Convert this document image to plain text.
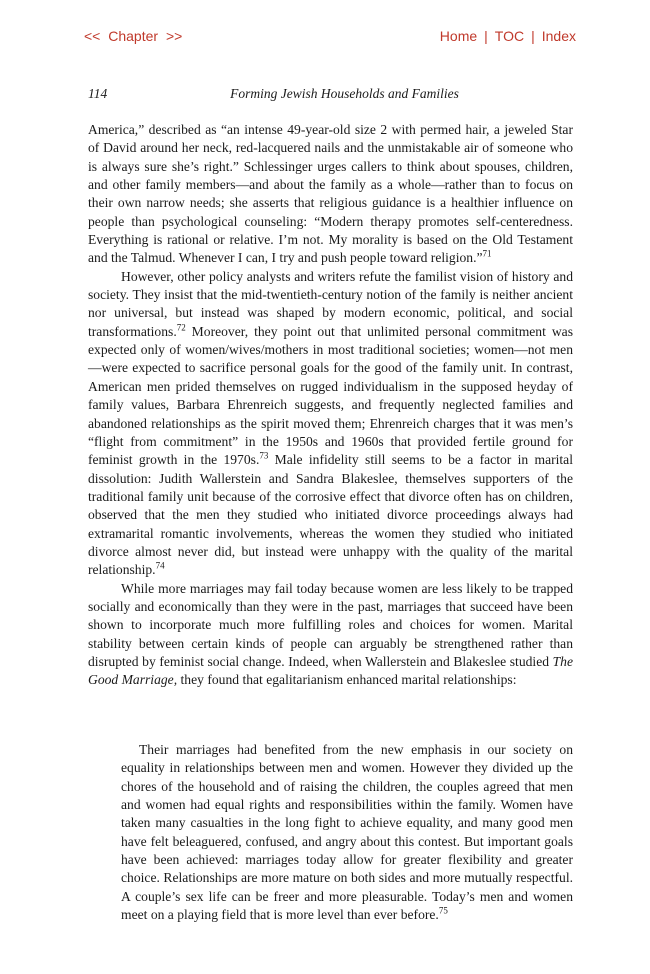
<< Chapter >>	Home | TOC | Index
114	Forming Jewish Households and Families

America,” described as “an intense 49-year-old size 2 with permed hair, a jeweled Star of David around her neck, red-lacquered nails and the unmistakable air of someone who is always sure she’s right.” Schlessinger urges callers to think about spouses, children, and other family members—and about the family as a whole—rather than to focus on their own narrow needs; she asserts that religious guidance is a healthier influence on people than psychological counseling: “Modern therapy promotes self-centeredness. Everything is rational or relative. I’m not. My morality is based on the Old Testament and the Talmud. Whenever I can, I try and push people toward religion.”$^{71}$

However, other policy analysts and writers refute the familist vision of history and society. They insist that the mid-twentieth-century notion of the family is neither ancient nor universal, but instead was shaped by modern economic, political, and social transformations.$^{72}$ Moreover, they point out that unlimited personal commitment was expected only of women/wives/mothers in most traditional societies; women—not men—were expected to sacrifice personal goals for the good of the family unit. In contrast, American men prided themselves on rugged individualism in the supposed heyday of family values, Barbara Ehrenreich suggests, and frequently neglected families and abandoned relationships as the spirit moved them; Ehrenreich charges that it was men’s “flight from commitment” in the 1950s and 1960s that provided fertile ground for feminist growth in the 1970s.$^{73}$ Male infidelity still seems to be a factor in marital dissolution: Judith Wallerstein and Sandra Blakeslee, themselves supporters of the traditional family unit because of the corrosive effect that divorce often has on children, observed that the men they studied who initiated divorce proceedings always had extramarital romantic involvements, whereas the women they studied who initiated divorce almost never did, but instead were unhappy with the quality of the marital relationship.$^{74}$

While more marriages may fail today because women are less likely to be trapped socially and economically than they were in the past, marriages that succeed have been shown to incorporate much more fulfilling roles and choices for women. Marital stability between certain kinds of people can arguably be strengthened rather than disrupted by feminist social change. Indeed, when Wallerstein and Blakeslee studied The Good Marriage, they found that egalitarianism enhanced marital relationships:

Their marriages had benefited from the new emphasis in our society on equality in relationships between men and women. However they divided up the chores of the household and of raising the children, the couples agreed that men and women had equal rights and responsibilities within the family. Women have taken many casualties in the long fight to achieve equality, and many good men have felt beleaguered, confused, and angry about this contest. But important goals have been achieved: marriages today allow for greater flexibility and greater choice. Relationships are more mature on both sides and more mutually respectful. A couple’s sex life can be freer and more pleasurable. Today’s men and women meet on a playing field that is more level than ever before.$^{75}$
